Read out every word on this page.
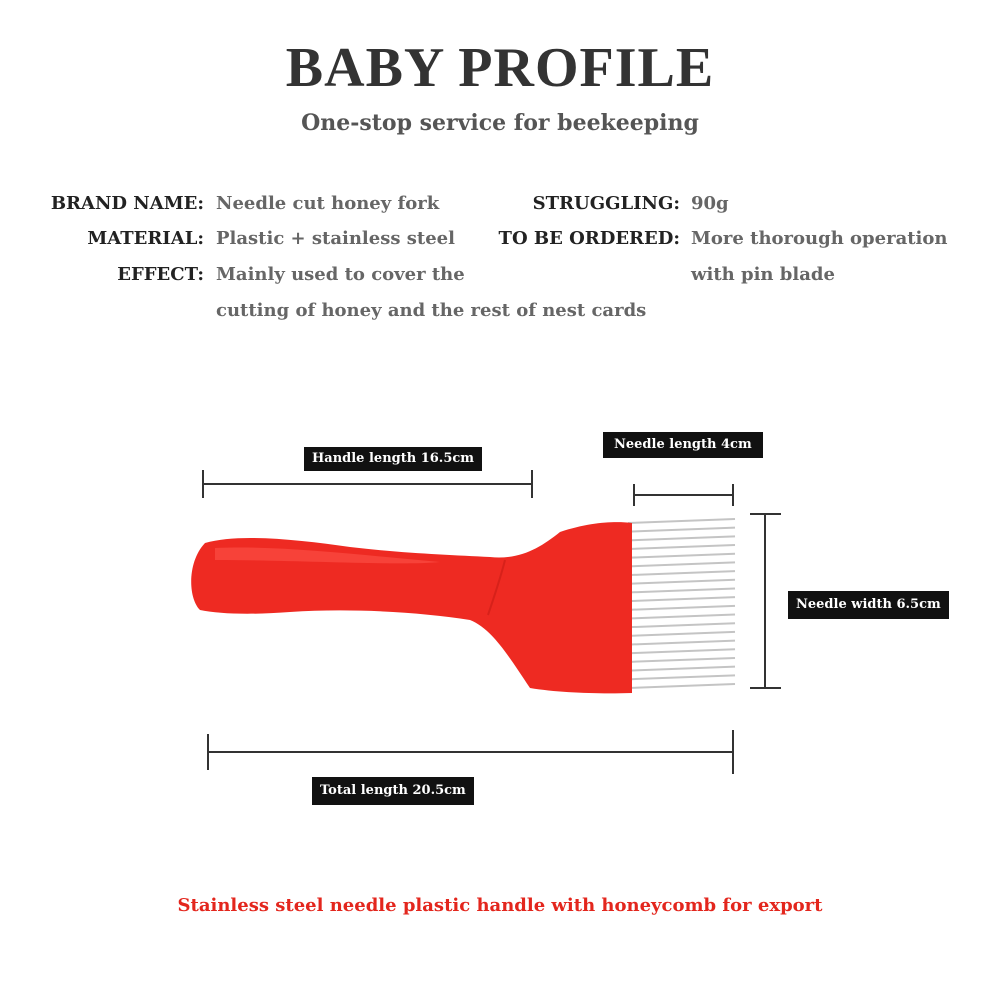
BABY PROFILE
One-stop service for beekeeping
BRAND NAME: Needle cut honey fork
MATERIAL: Plastic + stainless steel
EFFECT: Mainly used to cover the
cutting of honey and the rest of nest cards
STRUGGLING: 90g
TO BE ORDERED: More thorough operation
with pin blade
Handle length 16.5cm
Needle length 4cm
Needle width 6.5cm
Total length 20.5cm
Stainless steel needle plastic handle with honeycomb for export
